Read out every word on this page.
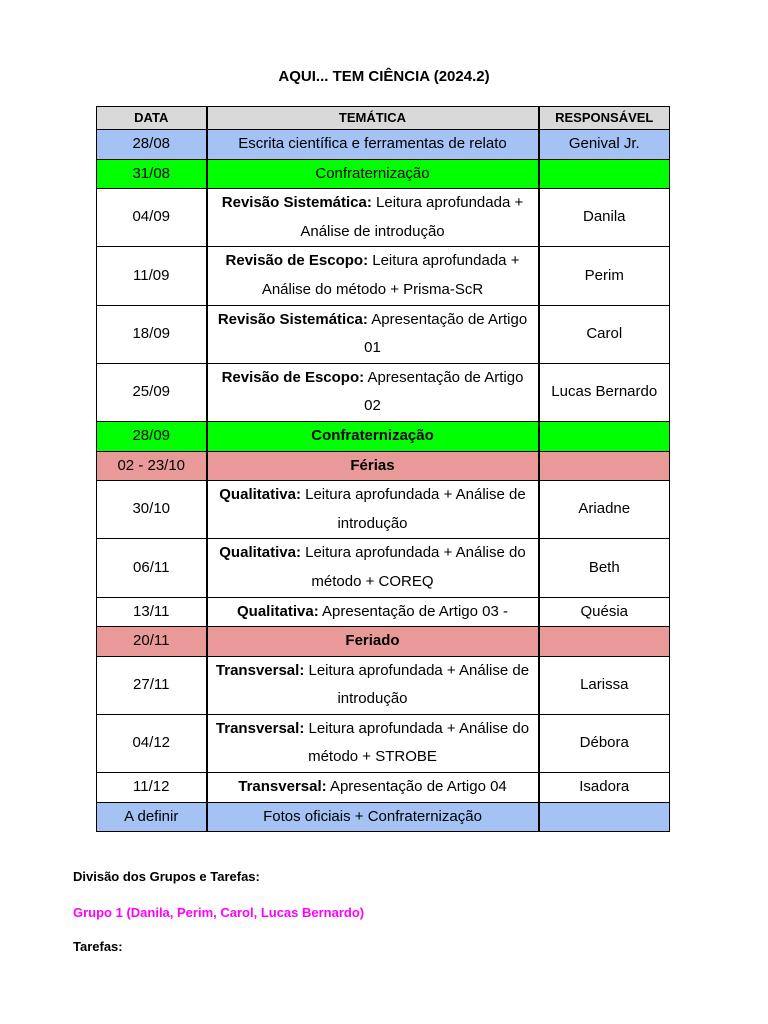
AQUI... TEM CIÊNCIA (2024.2)
DATA	TEMÁTICA	RESPONSÁVEL
28/08	Escrita científica e ferramentas de relato	Genival Jr.
31/08	Confraternização	
04/09	Revisão Sistemática: Leitura aprofundada + Análise de introdução	Danila
11/09	Revisão de Escopo: Leitura aprofundada + Análise do método + Prisma-ScR	Perim
18/09	Revisão Sistemática: Apresentação de Artigo 01	Carol
25/09	Revisão de Escopo: Apresentação de Artigo 02	Lucas Bernardo
28/09	Confraternização	
02 - 23/10	Férias	
30/10	Qualitativa: Leitura aprofundada + Análise de introdução	Ariadne
06/11	Qualitativa: Leitura aprofundada + Análise do método + COREQ	Beth
13/11	Qualitativa: Apresentação de Artigo 03 -	Quésia
20/11	Feriado	
27/11	Transversal: Leitura aprofundada + Análise de introdução	Larissa
04/12	Transversal: Leitura aprofundada + Análise do método + STROBE	Débora
11/12	Transversal: Apresentação de Artigo 04	Isadora
A definir	Fotos oficiais + Confraternização	
Divisão dos Grupos e Tarefas:
Grupo 1 (Danila, Perim, Carol, Lucas Bernardo)
Tarefas:
